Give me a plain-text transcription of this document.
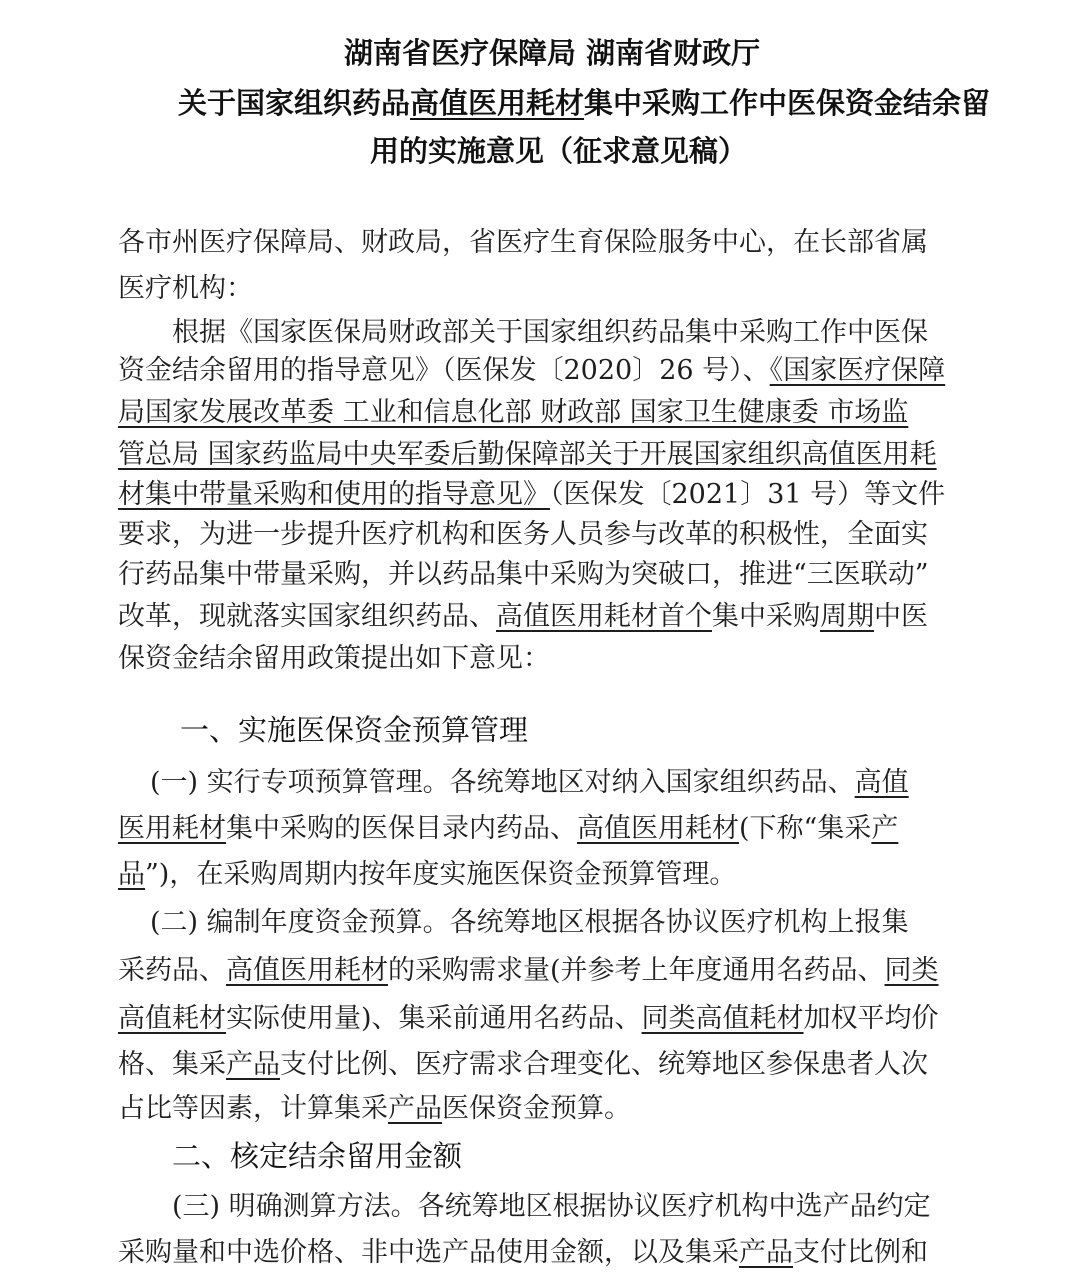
湖南省医疗保障局 湖南省财政厅
关于国家组织药品高值医用耗材集中采购工作中医保资金结余留
用的实施意见（征求意见稿）
各市州医疗保障局、财政局，省医疗生育保险服务中心，在长部省属
医疗机构：
根据《国家医保局财政部关于国家组织药品集中采购工作中医保
资金结余留用的指导意见》（医保发〔2020〕26 号）、《国家医疗保障
局国家发展改革委 工业和信息化部 财政部 国家卫生健康委 市场监
管总局 国家药监局中央军委后勤保障部关于开展国家组织高值医用耗
材集中带量采购和使用的指导意见》（医保发〔2021〕31 号）等文件
要求，为进一步提升医疗机构和医务人员参与改革的积极性，全面实
行药品集中带量采购，并以药品集中采购为突破口，推进“三医联动”
改革，现就落实国家组织药品、高值医用耗材首个集中采购周期中医
保资金结余留用政策提出如下意见：
一、实施医保资金预算管理
(一) 实行专项预算管理。各统筹地区对纳入国家组织药品、高值
医用耗材集中采购的医保目录内药品、高值医用耗材(下称“集采产
品”)，在采购周期内按年度实施医保资金预算管理。
(二) 编制年度资金预算。各统筹地区根据各协议医疗机构上报集
采药品、高值医用耗材的采购需求量(并参考上年度通用名药品、同类
高值耗材实际使用量)、集采前通用名药品、同类高值耗材加权平均价
格、集采产品支付比例、医疗需求合理变化、统筹地区参保患者人次
占比等因素，计算集采产品医保资金预算。
二、核定结余留用金额
(三) 明确测算方法。各统筹地区根据协议医疗机构中选产品约定
采购量和中选价格、非中选产品使用金额，以及集采产品支付比例和
